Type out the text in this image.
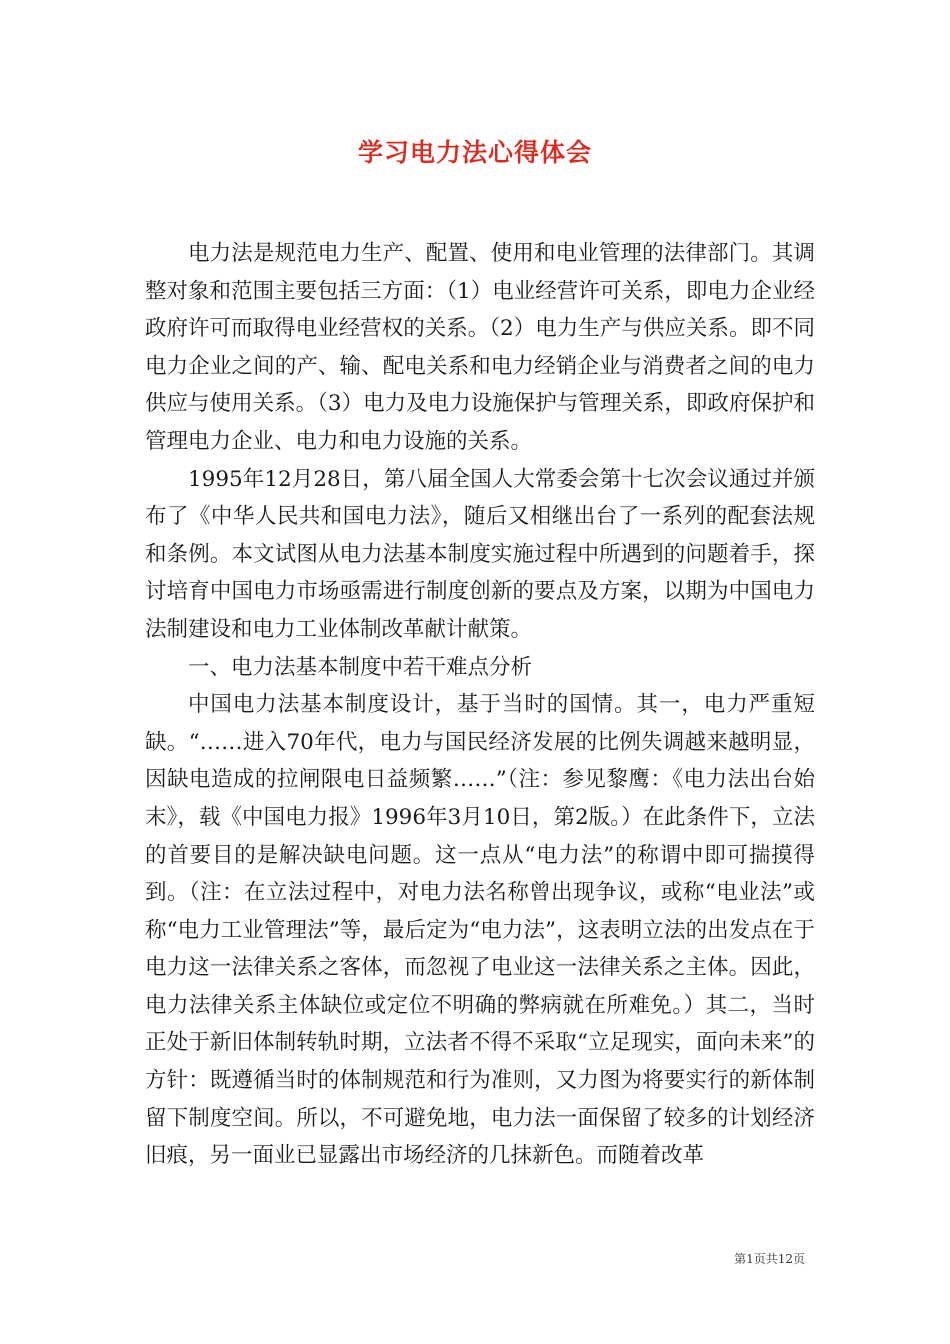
学习电力法心得体会

电力法是规范电力生产、配置、使用和电业管理的法律部门。其调整对象和范围主要包括三方面：（1）电业经营许可关系，即电力企业经政府许可而取得电业经营权的关系。（2）电力生产与供应关系。即不同电力企业之间的产、输、配电关系和电力经销企业与消费者之间的电力供应与使用关系。（3）电力及电力设施保护与管理关系，即政府保护和管理电力企业、电力和电力设施的关系。

1995年12月28日，第八届全国人大常委会第十七次会议通过并颁布了《中华人民共和国电力法》，随后又相继出台了一系列的配套法规和条例。本文试图从电力法基本制度实施过程中所遇到的问题着手，探讨培育中国电力市场亟需进行制度创新的要点及方案，以期为中国电力法制建设和电力工业体制改革献计献策。

一、电力法基本制度中若干难点分析

中国电力法基本制度设计，基于当时的国情。其一，电力严重短缺。“……进入70年代，电力与国民经济发展的比例失调越来越明显，因缺电造成的拉闸限电日益频繁……”（注：参见黎鹰：《电力法出台始末》，载《中国电力报》1996年3月10日，第2版。）在此条件下，立法的首要目的是解决缺电问题。这一点从“电力法”的称谓中即可揣摸得到。（注：在立法过程中，对电力法名称曾出现争议，或称“电业法”或称“电力工业管理法”等，最后定为“电力法”，这表明立法的出发点在于电力这一法律关系之客体，而忽视了电业这一法律关系之主体。因此，电力法律关系主体缺位或定位不明确的弊病就在所难免。）其二，当时正处于新旧体制转轨时期，立法者不得不采取“立足现实，面向未来”的方针：既遵循当时的体制规范和行为准则，又力图为将要实行的新体制留下制度空间。所以，不可避免地，电力法一面保留了较多的计划经济旧痕，另一面业已显露出市场经济的几抹新色。而随着改革

第1页共12页
